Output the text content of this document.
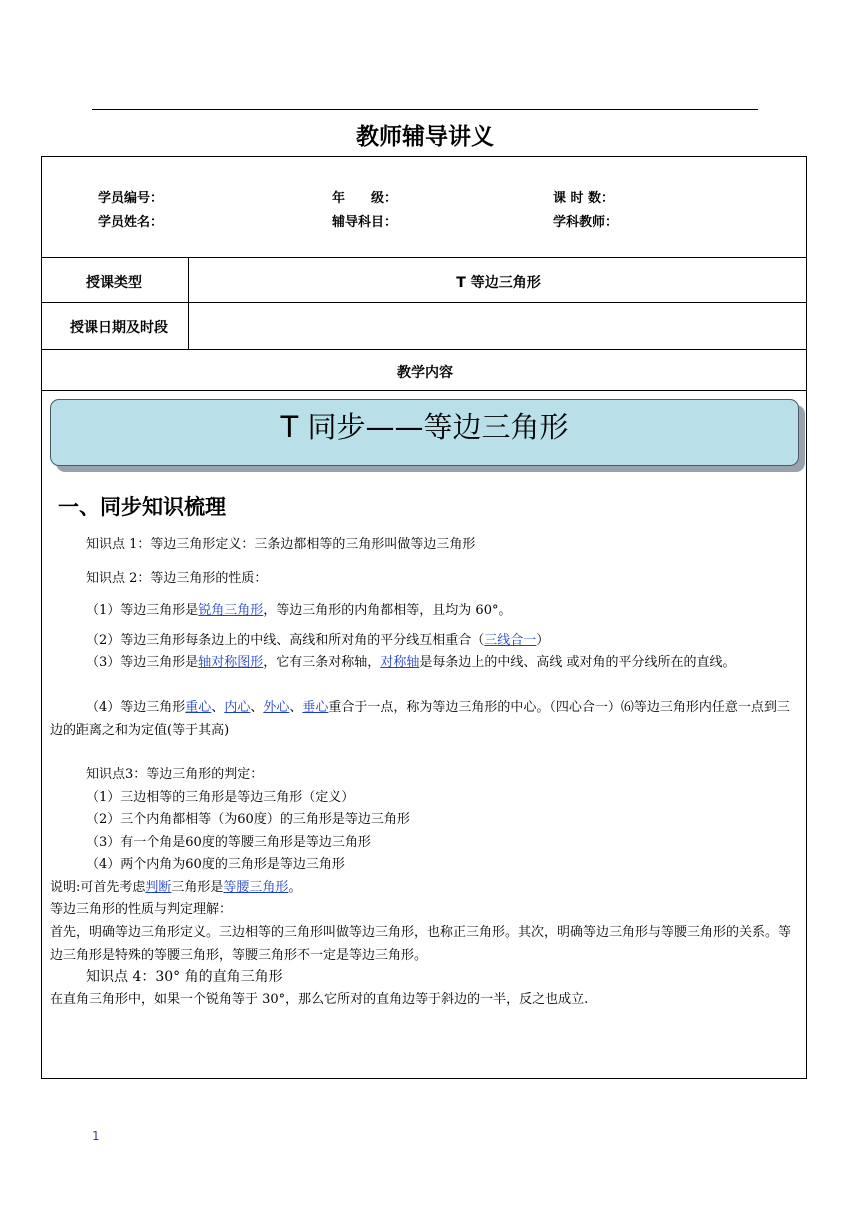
教师辅导讲义
学员编号：	年　　级：	课 时 数：
学员姓名：	辅导科目：	学科教师：
授课类型	T 等边三角形
授课日期及时段
教学内容
T 同步——等边三角形
一、同步知识梳理
知识点 1：等边三角形定义：三条边都相等的三角形叫做等边三角形
知识点 2：等边三角形的性质：
（1）等边三角形是锐角三角形，等边三角形的内角都相等，且均为 60°。
（2）等边三角形每条边上的中线、高线和所对角的平分线互相重合（三线合一）
（3）等边三角形是轴对称图形，它有三条对称轴，对称轴是每条边上的中线、高线 或对角的平分线所在的直线。
（4）等边三角形重心、内心、外心、垂心重合于一点，称为等边三角形的中心。（四心合一）⑹等边三角形内任意一点到三边的距离之和为定值(等于其高)
知识点3：等边三角形的判定：
（1）三边相等的三角形是等边三角形（定义）
（2）三个内角都相等（为60度）的三角形是等边三角形
（3）有一个角是60度的等腰三角形是等边三角形
（4）两个内角为60度的三角形是等边三角形
说明:可首先考虑判断三角形是等腰三角形。
等边三角形的性质与判定理解：
首先，明确等边三角形定义。三边相等的三角形叫做等边三角形，也称正三角形。其次，明确等边三角形与等腰三角形的关系。等边三角形是特殊的等腰三角形，等腰三角形不一定是等边三角形。
知识点 4：30° 角的直角三角形
在直角三角形中，如果一个锐角等于 30°，那么它所对的直角边等于斜边的一半，反之也成立.
1
